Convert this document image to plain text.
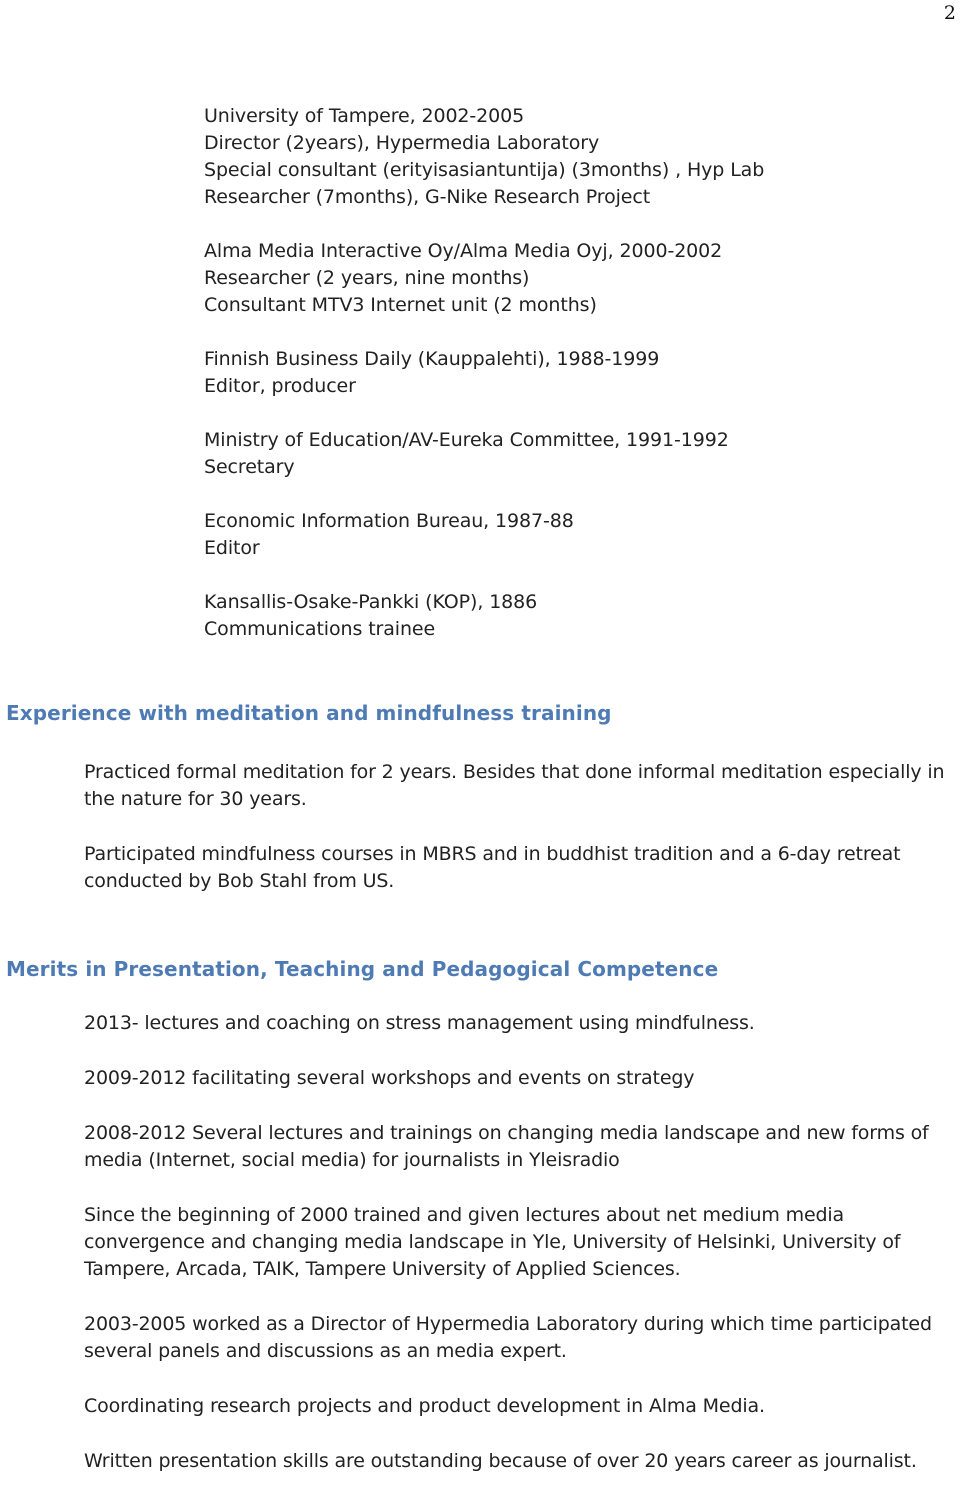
2
University of Tampere, 2002-2005
Director (2years), Hypermedia Laboratory
Special consultant (erityisasiantuntija) (3months) , Hyp Lab
Researcher (7months), G-Nike Research Project
Alma Media Interactive Oy/Alma Media Oyj, 2000-2002
Researcher (2 years, nine months)
Consultant MTV3 Internet unit (2 months)
Finnish Business Daily (Kauppalehti), 1988-1999
Editor, producer
Ministry of Education/AV-Eureka Committee, 1991-1992
Secretary
Economic Information Bureau, 1987-88
Editor
Kansallis-Osake-Pankki (KOP), 1886
Communications trainee
Experience with meditation and mindfulness training

Practiced formal meditation for 2 years. Besides that done informal meditation especially in the nature for 30 years.

Participated mindfulness courses in MBRS and in buddhist tradition and a 6-day retreat conducted by Bob Stahl from US.

Merits in Presentation, Teaching and Pedagogical Competence

2013- lectures and coaching on stress management using mindfulness.

2009-2012 facilitating several workshops and events on strategy

2008-2012 Several lectures and trainings on changing media landscape and new forms of media (Internet, social media) for journalists in Yleisradio

Since the beginning of 2000 trained and given lectures about net medium media convergence and changing media landscape in Yle, University of Helsinki, University of Tampere, Arcada, TAIK, Tampere University of Applied Sciences.

2003-2005 worked as a Director of Hypermedia Laboratory during which time participated several panels and discussions as an media expert.

Coordinating research projects and product development in Alma Media.

Written presentation skills are outstanding because of over 20 years career as journalist.
